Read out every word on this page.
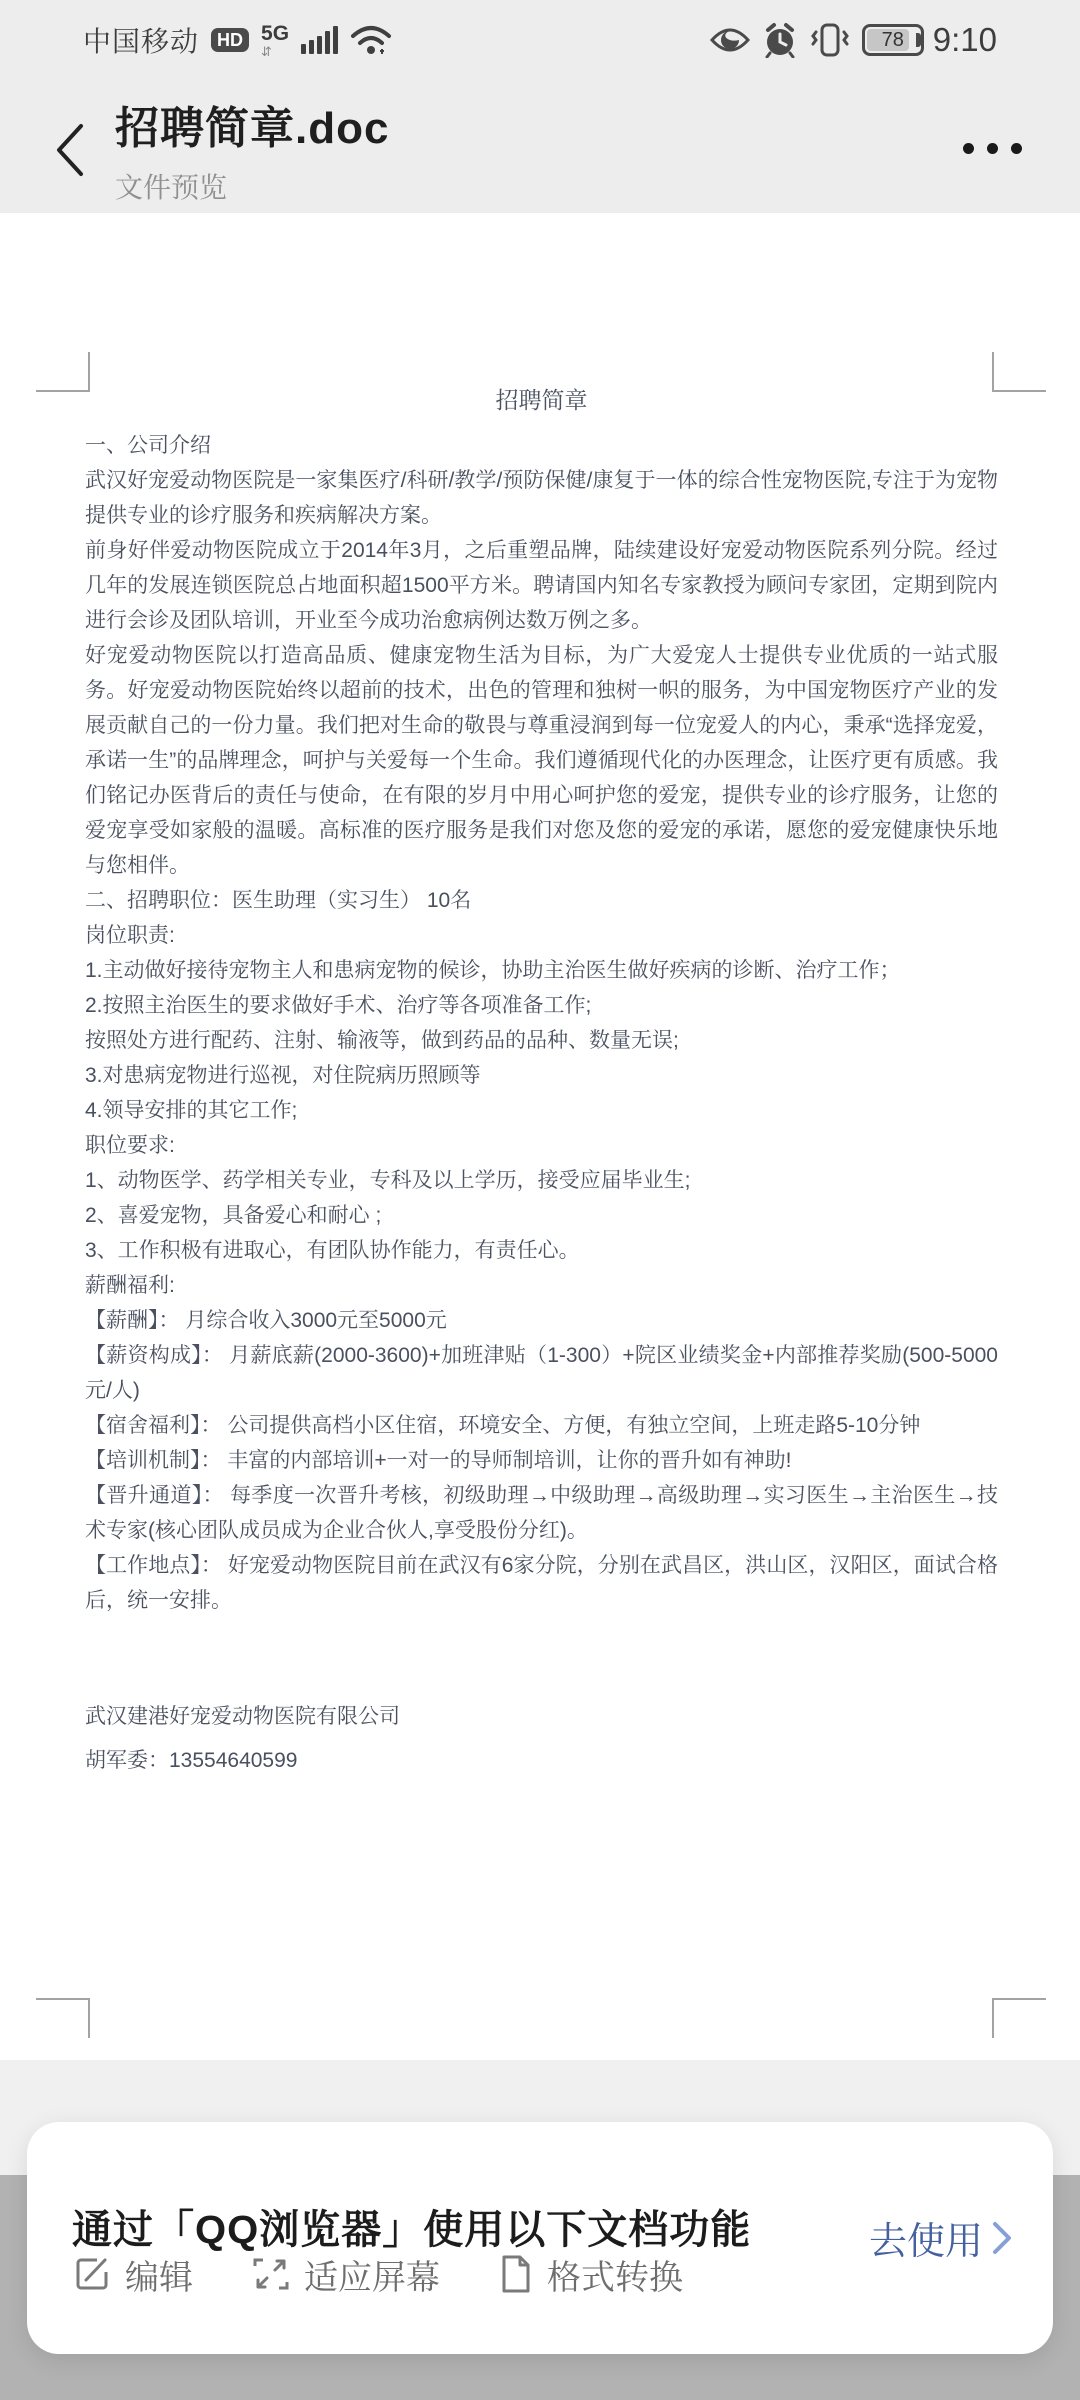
中国移动	HD 5G
⇵
78 9:10
招聘简章.doc
文件预览
招聘简章

一、公司介绍

武汉好宠爱动物医院是一家集医疗/科研/教学/预防保健/康复于一体的综合性宠物医院,专注于为宠物提供专业的诊疗服务和疾病解决方案。

前身好伴爱动物医院成立于2014年3月，之后重塑品牌，陆续建设好宠爱动物医院系列分院。经过几年的发展连锁医院总占地面积超1500平方米。聘请国内知名专家教授为顾问专家团，定期到院内进行会诊及团队培训，开业至今成功治愈病例达数万例之多。

好宠爱动物医院以打造高品质、健康宠物生活为目标，为广大爱宠人士提供专业优质的一站式服务。好宠爱动物医院始终以超前的技术，出色的管理和独树一帜的服务，为中国宠物医疗产业的发展贡献自己的一份力量。我们把对生命的敬畏与尊重浸润到每一位宠爱人的内心，秉承“选择宠爱，承诺一生”的品牌理念，呵护与关爱每一个生命。我们遵循现代化的办医理念，让医疗更有质感。我们铭记办医背后的责任与使命，在有限的岁月中用心呵护您的爱宠，提供专业的诊疗服务，让您的爱宠享受如家般的温暖。高标准的医疗服务是我们对您及您的爱宠的承诺，愿您的爱宠健康快乐地与您相伴。

二、招聘职位：医生助理（实习生） 10名

岗位职责:

1.主动做好接待宠物主人和患病宠物的候诊，协助主治医生做好疾病的诊断、治疗工作；

2.按照主治医生的要求做好手术、治疗等各项准备工作;

按照处方进行配药、注射、输液等，做到药品的品种、数量无误;

3.对患病宠物进行巡视，对住院病历照顾等

4.领导安排的其它工作;

职位要求:

1、动物医学、药学相关专业，专科及以上学历，接受应届毕业生;

2、喜爱宠物，具备爱心和耐心 ;

3、工作积极有进取心，有团队协作能力，有责任心。

薪酬福利:

【薪酬】： 月综合收入3000元至5000元

【薪资构成】： 月薪底薪(2000-3600)+加班津贴（1-300）+院区业绩奖金+内部推荐奖励(500-5000元/人)

【宿舍福利】： 公司提供高档小区住宿，环境安全、方便，有独立空间，上班走路5-10分钟

【培训机制】： 丰富的内部培训+一对一的导师制培训，让你的晋升如有神助!

【晋升通道】： 每季度一次晋升考核，初级助理→中级助理→高级助理→实习医生→主治医生→技术专家(核心团队成员成为企业合伙人,享受股份分红)。

【工作地点】： 好宠爱动物医院目前在武汉有6家分院，分别在武昌区，洪山区，汉阳区，面试合格后，统一安排。

武汉建港好宠爱动物医院有限公司
胡军委：13554640599
通过「QQ浏览器」使用以下文档功能
编辑	适应屏幕	格式转换
去使用
